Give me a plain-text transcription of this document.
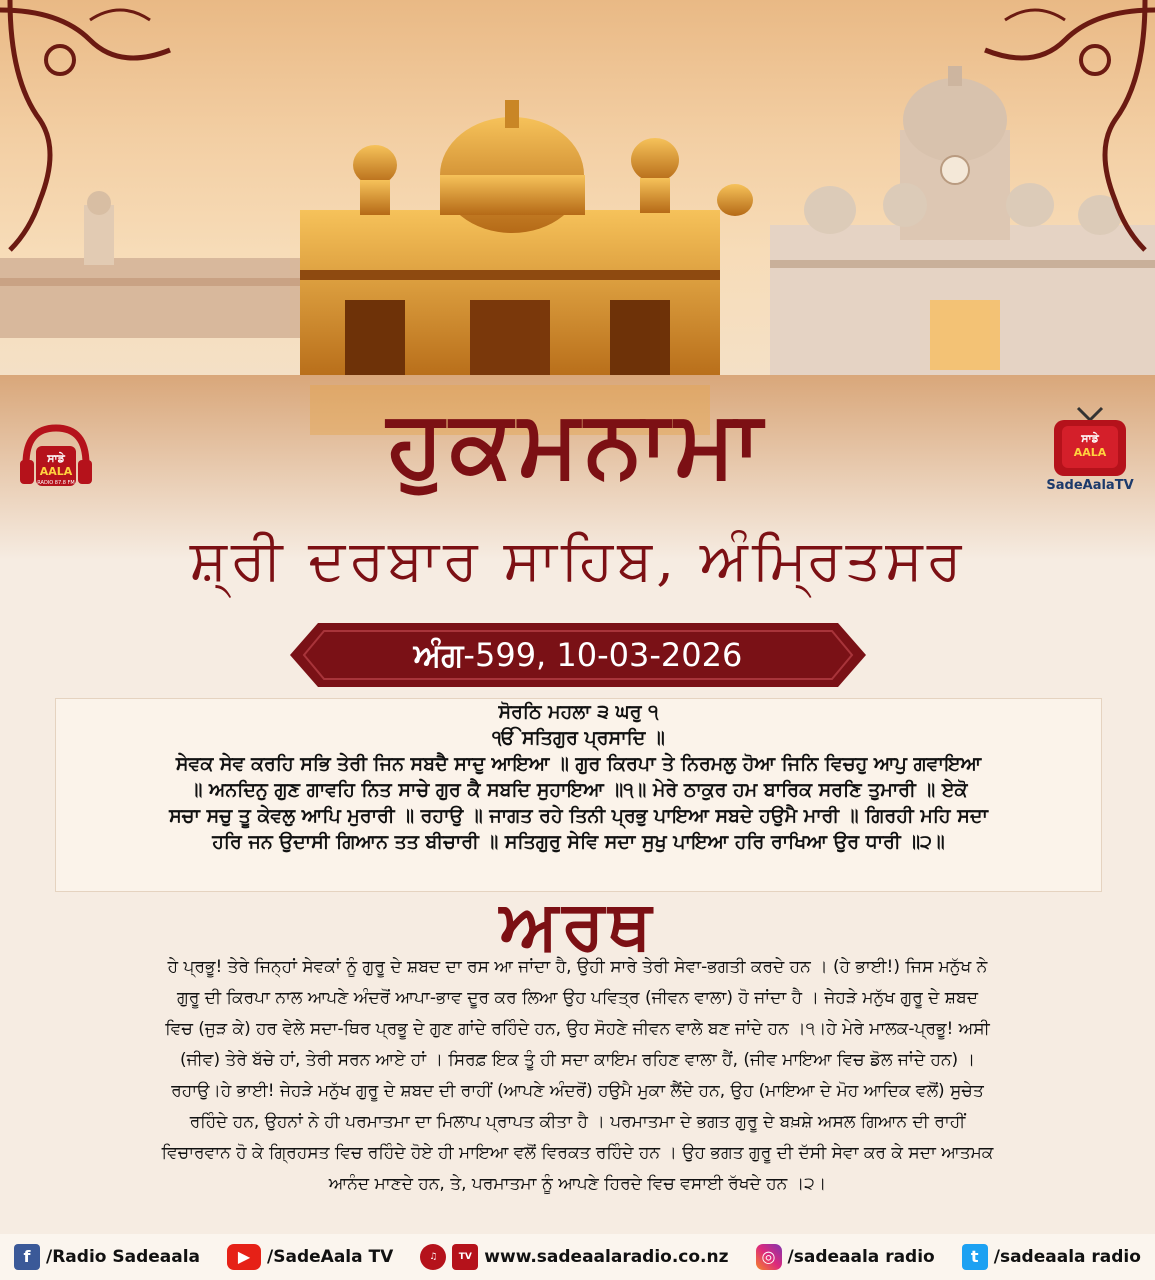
ਸਾਡੇ
AALA
RADIO 87.8 FM
ਸਾਡੇ
AALA
SadeAalaTV
ਹੁਕਮਨਾਮਾ
ਸ਼੍ਰੀ ਦਰਬਾਰ ਸਾਹਿਬ, ਅੰਮ੍ਰਿਤਸਰ
ਅੰਗ-599, 10-03-2026
ਸੋਰਠਿ ਮਹਲਾ ੩ ਘਰੁ ੧
ੴ ਸਤਿਗੁਰ ਪ੍ਰਸਾਦਿ ॥
ਸੇਵਕ ਸੇਵ ਕਰਹਿ ਸਭਿ ਤੇਰੀ ਜਿਨ ਸਬਦੈ ਸਾਦੁ ਆਇਆ ॥ ਗੁਰ ਕਿਰਪਾ ਤੇ ਨਿਰਮਲੁ ਹੋਆ ਜਿਨਿ ਵਿਚਹੁ ਆਪੁ ਗਵਾਇਆ
॥ ਅਨਦਿਨੁ ਗੁਣ ਗਾਵਹਿ ਨਿਤ ਸਾਚੇ ਗੁਰ ਕੈ ਸਬਦਿ ਸੁਹਾਇਆ ॥੧॥ ਮੇਰੇ ਠਾਕੁਰ ਹਮ ਬਾਰਿਕ ਸਰਣਿ ਤੁਮਾਰੀ ॥ ਏਕੋ
ਸਚਾ ਸਚੁ ਤੂ ਕੇਵਲੁ ਆਪਿ ਮੁਰਾਰੀ ॥ ਰਹਾਉ ॥ ਜਾਗਤ ਰਹੇ ਤਿਨੀ ਪ੍ਰਭੁ ਪਾਇਆ ਸਬਦੇ ਹਉਮੈ ਮਾਰੀ ॥ ਗਿਰਹੀ ਮਹਿ ਸਦਾ
ਹਰਿ ਜਨ ਉਦਾਸੀ ਗਿਆਨ ਤਤ ਬੀਚਾਰੀ ॥ ਸਤਿਗੁਰੁ ਸੇਵਿ ਸਦਾ ਸੁਖੁ ਪਾਇਆ ਹਰਿ ਰਾਖਿਆ ਉਰ ਧਾਰੀ ॥੨॥
ਅਰਥ
ਹੇ ਪ੍ਰਭੂ! ਤੇਰੇ ਜਿਨ੍ਹਾਂ ਸੇਵਕਾਂ ਨੂੰ ਗੁਰੂ ਦੇ ਸ਼ਬਦ ਦਾ ਰਸ ਆ ਜਾਂਦਾ ਹੈ, ਉਹੀ ਸਾਰੇ ਤੇਰੀ ਸੇਵਾ-ਭਗਤੀ ਕਰਦੇ ਹਨ । (ਹੇ ਭਾਈ!) ਜਿਸ ਮਨੁੱਖ ਨੇ
ਗੁਰੂ ਦੀ ਕਿਰਪਾ ਨਾਲ ਆਪਣੇ ਅੰਦਰੋਂ ਆਪਾ-ਭਾਵ ਦੂਰ ਕਰ ਲਿਆ ਉਹ ਪਵਿਤ੍ਰ (ਜੀਵਨ ਵਾਲਾ) ਹੋ ਜਾਂਦਾ ਹੈ । ਜੇਹੜੇ ਮਨੁੱਖ ਗੁਰੂ ਦੇ ਸ਼ਬਦ
ਵਿਚ (ਜੁੜ ਕੇ) ਹਰ ਵੇਲੇ ਸਦਾ-ਥਿਰ ਪ੍ਰਭੂ ਦੇ ਗੁਣ ਗਾਂਦੇ ਰਹਿੰਦੇ ਹਨ, ਉਹ ਸੋਹਣੇ ਜੀਵਨ ਵਾਲੇ ਬਣ ਜਾਂਦੇ ਹਨ ।੧।ਹੇ ਮੇਰੇ ਮਾਲਕ-ਪ੍ਰਭੂ! ਅਸੀ
(ਜੀਵ) ਤੇਰੇ ਬੱਚੇ ਹਾਂ, ਤੇਰੀ ਸਰਨ ਆਏ ਹਾਂ । ਸਿਰਫ਼ ਇਕ ਤੂੰ ਹੀ ਸਦਾ ਕਾਇਮ ਰਹਿਣ ਵਾਲਾ ਹੈਂ, (ਜੀਵ ਮਾਇਆ ਵਿਚ ਡੋਲ ਜਾਂਦੇ ਹਨ) ।
ਰਹਾਉ।ਹੇ ਭਾਈ! ਜੇਹੜੇ ਮਨੁੱਖ ਗੁਰੂ ਦੇ ਸ਼ਬਦ ਦੀ ਰਾਹੀਂ (ਆਪਣੇ ਅੰਦਰੋਂ) ਹਉਮੈ ਮੁਕਾ ਲੈਂਦੇ ਹਨ, ਉਹ (ਮਾਇਆ ਦੇ ਮੋਹ ਆਦਿਕ ਵਲੋਂ) ਸੁਚੇਤ
ਰਹਿੰਦੇ ਹਨ, ਉਹਨਾਂ ਨੇ ਹੀ ਪਰਮਾਤਮਾ ਦਾ ਮਿਲਾਪ ਪ੍ਰਾਪਤ ਕੀਤਾ ਹੈ । ਪਰਮਾਤਮਾ ਦੇ ਭਗਤ ਗੁਰੂ ਦੇ ਬਖ਼ਸ਼ੇ ਅਸਲ ਗਿਆਨ ਦੀ ਰਾਹੀਂ
ਵਿਚਾਰਵਾਨ ਹੋ ਕੇ ਗ੍ਰਿਹਸਤ ਵਿਚ ਰਹਿੰਦੇ ਹੋਏ ਹੀ ਮਾਇਆ ਵਲੋਂ ਵਿਰਕਤ ਰਹਿੰਦੇ ਹਨ । ਉਹ ਭਗਤ ਗੁਰੂ ਦੀ ਦੱਸੀ ਸੇਵਾ ਕਰ ਕੇ ਸਦਾ ਆਤਮਕ
ਆਨੰਦ ਮਾਣਦੇ ਹਨ, ਤੇ, ਪਰਮਾਤਮਾ ਨੂੰ ਆਪਣੇ ਹਿਰਦੇ ਵਿਚ ਵਸਾਈ ਰੱਖਦੇ ਹਨ ।੨।
f /Radio Sadeaala	▶ /SadeAala TV	♫	TV www.sadeaalaradio.co.nz	◎ /sadeaala radio	t /sadeaala radio
